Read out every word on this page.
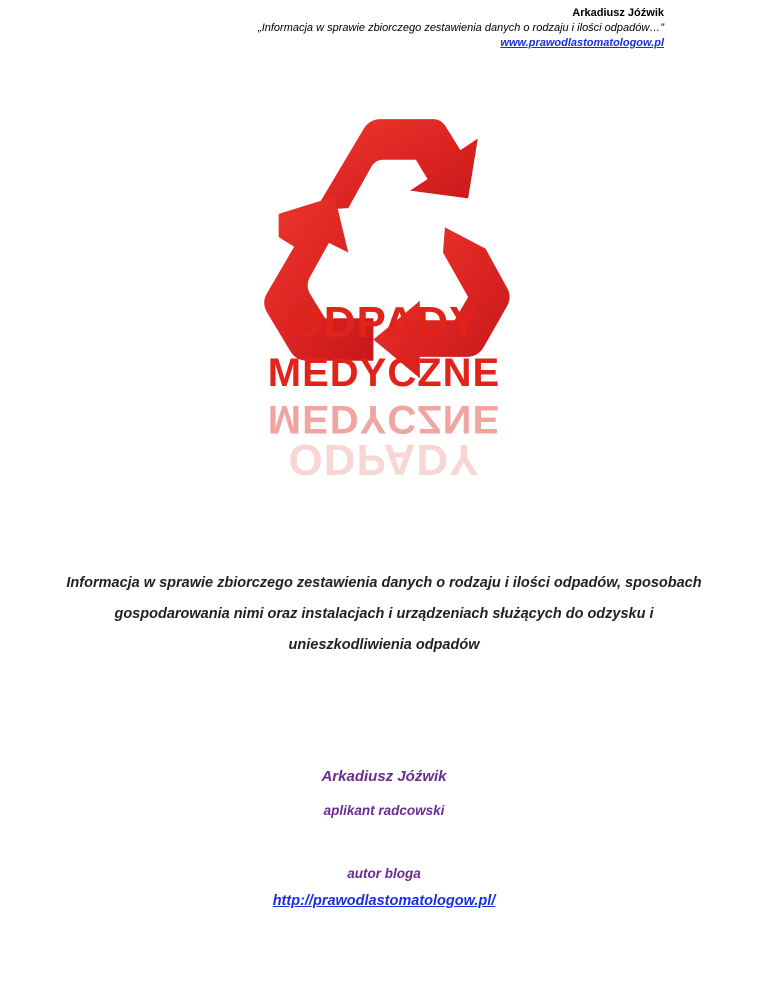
Arkadiusz Jóźwik
„Informacja w sprawie zbiorczego zestawienia danych o rodzaju i ilości odpadów…”
www.prawodlastomatologow.pl
ODPADY
MEDYCZNE
MEDYCZNE
ODPADY
Informacja w sprawie zbiorczego zestawienia danych o rodzaju i ilości odpadów, sposobach gospodarowania nimi oraz instalacjach i urządzeniach służących do odzysku i unieszkodliwienia odpadów
Arkadiusz Jóźwik
aplikant radcowski
autor bloga
http://prawodlastomatologow.pl/
